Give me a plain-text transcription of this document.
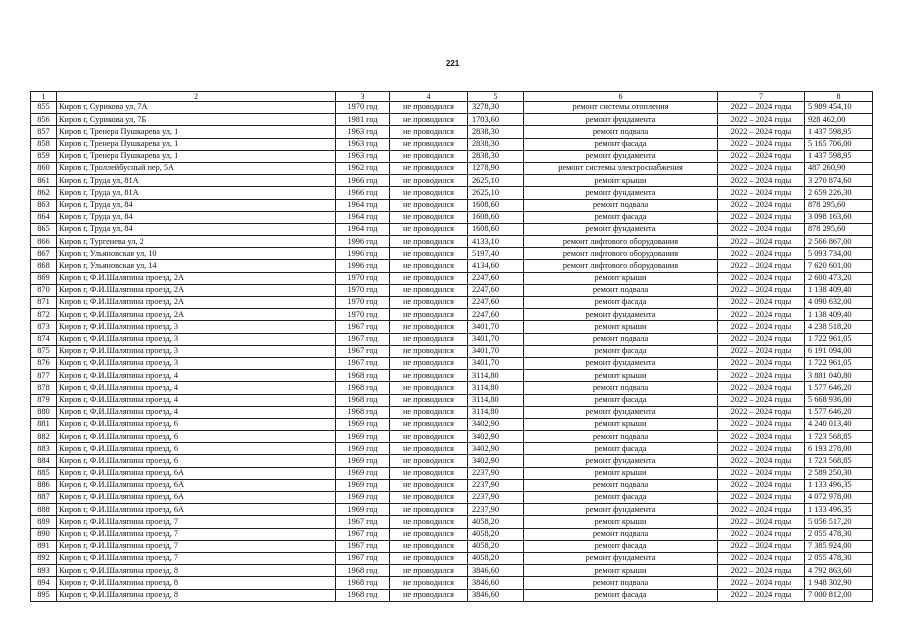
221
1	2	3	4	5	6	7	8
855	Киров г, Сурикова ул, 7А	1970 год	не проводился	3278,30	ремонт системы отопления	2022 – 2024 годы	5 989 454,10
856	Киров г, Сурикова ул, 7Б	1981 год	не проводился	1703,60	ремонт фундамента	2022 – 2024 годы	928 462,00
857	Киров г, Тренера Пушкарева ул, 1	1963 год	не проводился	2838,30	ремонт подвала	2022 – 2024 годы	1 437 598,95
858	Киров г, Тренера Пушкарева ул, 1	1963 год	не проводился	2838,30	ремонт фасада	2022 – 2024 годы	5 165 706,00
859	Киров г, Тренера Пушкарева ул, 1	1963 год	не проводился	2838,30	ремонт фундамента	2022 – 2024 годы	1 437 598,95
860	Киров г, Троллейбусный пер, 5А	1962 год	не проводился	1278,90	ремонт системы электроснабжения	2022 – 2024 годы	487 260,90
861	Киров г, Труда ул, 81А	1966 год	не проводился	2625,10	ремонт крыши	2022 – 2024 годы	3 270 874,60
862	Киров г, Труда ул, 81А	1966 год	не проводился	2625,10	ремонт фундамента	2022 – 2024 годы	2 659 226,30
863	Киров г, Труда ул, 84	1964 год	не проводился	1608,60	ремонт подвала	2022 – 2024 годы	878 295,60
864	Киров г, Труда ул, 84	1964 год	не проводился	1608,60	ремонт фасада	2022 – 2024 годы	3 098 163,60
865	Киров г, Труда ул, 84	1964 год	не проводился	1608,60	ремонт фундамента	2022 – 2024 годы	878 295,60
866	Киров г, Тургенева ул, 2	1996 год	не проводился	4133,10	ремонт лифтового оборудования	2022 – 2024 годы	2 566 867,00
867	Киров г, Ульяновская ул, 10	1996 год	не проводился	5197,40	ремонт лифтового оборудования	2022 – 2024 годы	5 093 734,00
868	Киров г, Ульяновская ул, 14	1996 год	не проводился	4134,60	ремонт лифтового оборудования	2022 – 2024 годы	7 620 601,00
869	Киров г, Ф.И.Шаляпина проезд, 2А	1970 год	не проводился	2247,60	ремонт крыши	2022 – 2024 годы	2 600 473,20
870	Киров г, Ф.И.Шаляпина проезд, 2А	1970 год	не проводился	2247,60	ремонт подвала	2022 – 2024 годы	1 138 409,40
871	Киров г, Ф.И.Шаляпина проезд, 2А	1970 год	не проводился	2247,60	ремонт фасада	2022 – 2024 годы	4 090 632,00
872	Киров г, Ф.И.Шаляпина проезд, 2А	1970 год	не проводился	2247,60	ремонт фундамента	2022 – 2024 годы	1 138 409,40
873	Киров г, Ф.И.Шаляпина проезд, 3	1967 год	не проводился	3401,70	ремонт крыши	2022 – 2024 годы	4 238 518,20
874	Киров г, Ф.И.Шаляпина проезд, 3	1967 год	не проводился	3401,70	ремонт подвала	2022 – 2024 годы	1 722 961,05
875	Киров г, Ф.И.Шаляпина проезд, 3	1967 год	не проводился	3401,70	ремонт фасада	2022 – 2024 годы	6 191 094,00
876	Киров г, Ф.И.Шаляпина проезд, 3	1967 год	не проводился	3401,70	ремонт фундамента	2022 – 2024 годы	1 722 961,05
877	Киров г, Ф.И.Шаляпина проезд, 4	1968 год	не проводился	3114,80	ремонт крыши	2022 – 2024 годы	3 881 040,80
878	Киров г, Ф.И.Шаляпина проезд, 4	1968 год	не проводился	3114,80	ремонт подвала	2022 – 2024 годы	1 577 646,20
879	Киров г, Ф.И.Шаляпина проезд, 4	1968 год	не проводился	3114,80	ремонт фасада	2022 – 2024 годы	5 668 936,00
880	Киров г, Ф.И.Шаляпина проезд, 4	1968 год	не проводился	3114,80	ремонт фундамента	2022 – 2024 годы	1 577 646,20
881	Киров г, Ф.И.Шаляпина проезд, 6	1969 год	не проводился	3402,90	ремонт крыши	2022 – 2024 годы	4 240 013,40
882	Киров г, Ф.И.Шаляпина проезд, 6	1969 год	не проводился	3402,90	ремонт подвала	2022 – 2024 годы	1 723 568,85
883	Киров г, Ф.И.Шаляпина проезд, 6	1969 год	не проводился	3402,90	ремонт фасада	2022 – 2024 годы	6 193 278,00
884	Киров г, Ф.И.Шаляпина проезд, 6	1969 год	не проводился	3402,90	ремонт фундамента	2022 – 2024 годы	1 723 568,85
885	Киров г, Ф.И.Шаляпина проезд, 6А	1969 год	не проводился	2237,90	ремонт крыши	2022 – 2024 годы	2 589 250,30
886	Киров г, Ф.И.Шаляпина проезд, 6А	1969 год	не проводился	2237,90	ремонт подвала	2022 – 2024 годы	1 133 496,35
887	Киров г, Ф.И.Шаляпина проезд, 6А	1969 год	не проводился	2237,90	ремонт фасада	2022 – 2024 годы	4 072 978,00
888	Киров г, Ф.И.Шаляпина проезд, 6А	1969 год	не проводился	2237,90	ремонт фундамента	2022 – 2024 годы	1 133 496,35
889	Киров г, Ф.И.Шаляпина проезд, 7	1967 год	не проводился	4058,20	ремонт крыши	2022 – 2024 годы	5 056 517,20
890	Киров г, Ф.И.Шаляпина проезд, 7	1967 год	не проводился	4058,20	ремонт подвала	2022 – 2024 годы	2 055 478,30
891	Киров г, Ф.И.Шаляпина проезд, 7	1967 год	не проводился	4058,20	ремонт фасада	2022 – 2024 годы	7 385 924,00
892	Киров г, Ф.И.Шаляпина проезд, 7	1967 год	не проводился	4058,20	ремонт фундамента	2022 – 2024 годы	2 055 478,30
893	Киров г, Ф.И.Шаляпина проезд, 8	1968 год	не проводился	3846,60	ремонт крыши	2022 – 2024 годы	4 792 863,60
894	Киров г, Ф.И.Шаляпина проезд, 8	1968 год	не проводился	3846,60	ремонт подвала	2022 – 2024 годы	1 948 302,90
895	Киров г, Ф.И.Шаляпина проезд, 8	1968 год	не проводился	3846,60	ремонт фасада	2022 – 2024 годы	7 000 812,00
